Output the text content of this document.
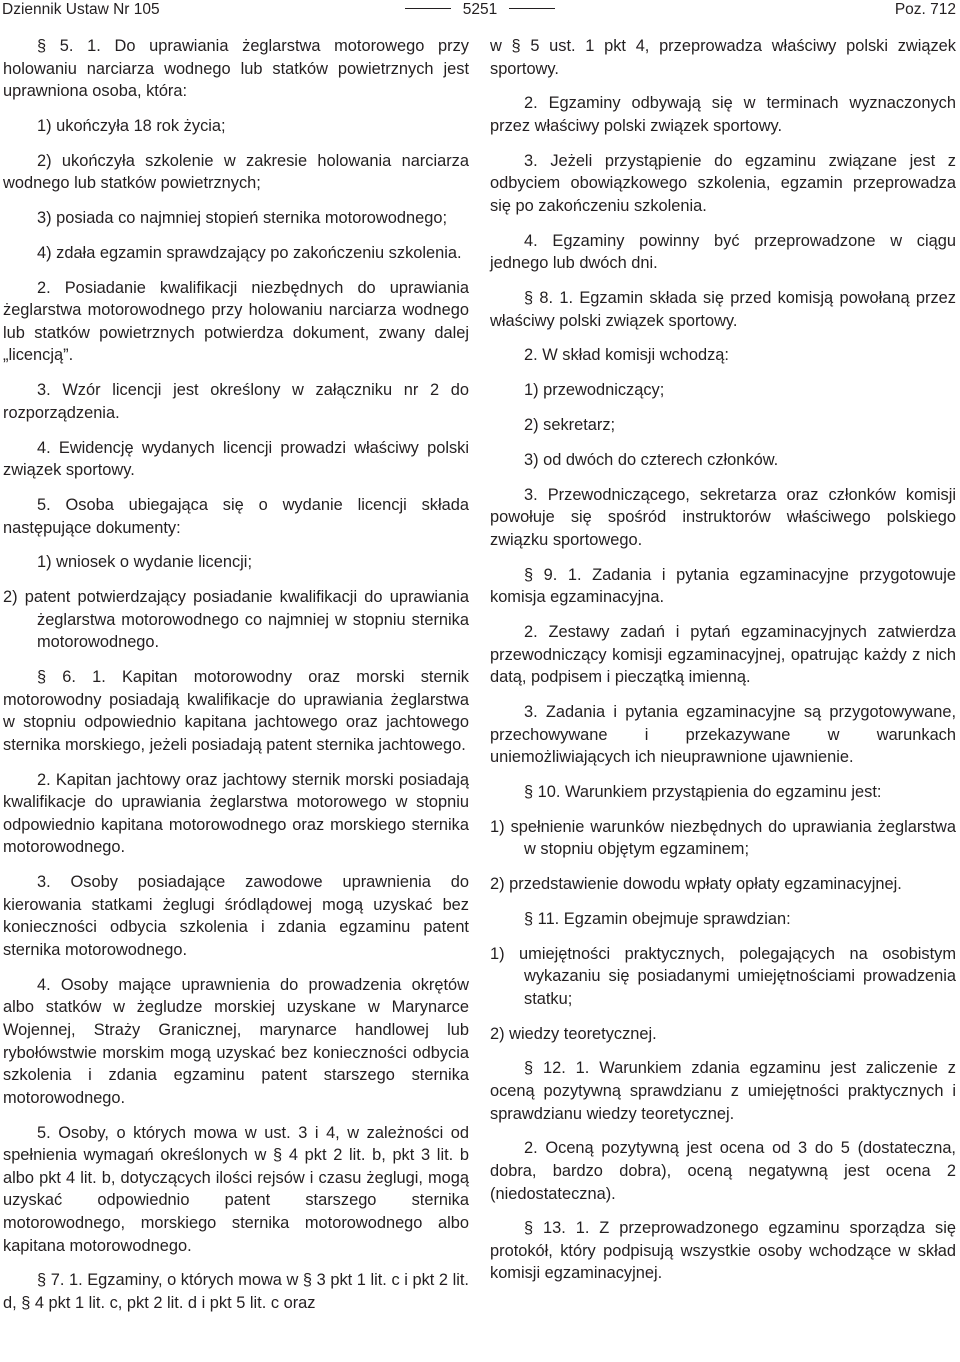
Dziennik Ustaw Nr 105	5251	Poz. 712

§ 5. 1. Do uprawiania żeglarstwa motorowego przy holowaniu narciarza wodnego lub statków powietrznych jest uprawniona osoba, która:

1) ukończyła 18 rok życia;

2) ukończyła szkolenie w zakresie holowania narciarza wodnego lub statków powietrznych;

3) posiada co najmniej stopień sternika motorowodnego;

4) zdała egzamin sprawdzający po zakończeniu szkolenia.

2. Posiadanie kwalifikacji niezbędnych do uprawiania żeglarstwa motorowodnego przy holowaniu narciarza wodnego lub statków powietrznych potwierdza dokument, zwany dalej „licencją”.

3. Wzór licencji jest określony w załączniku nr 2 do rozporządzenia.

4. Ewidencję wydanych licencji prowadzi właściwy polski związek sportowy.

5. Osoba ubiegająca się o wydanie licencji składa następujące dokumenty:

1) wniosek o wydanie licencji;

2) patent potwierdzający posiadanie kwalifikacji do uprawiania żeglarstwa motorowodnego co najmniej w stopniu sternika motorowodnego.

§ 6. 1. Kapitan motorowodny oraz morski sternik motorowodny posiadają kwalifikacje do uprawiania żeglarstwa w stopniu odpowiednio kapitana jachtowego oraz jachtowego sternika morskiego, jeżeli posiadają patent sternika jachtowego.

2. Kapitan jachtowy oraz jachtowy sternik morski posiadają kwalifikacje do uprawiania żeglarstwa motorowego w stopniu odpowiednio kapitana motorowodnego oraz morskiego sternika motorowodnego.

3. Osoby posiadające zawodowe uprawnienia do kierowania statkami żeglugi śródlądowej mogą uzyskać bez konieczności odbycia szkolenia i zdania egzaminu patent sternika motorowodnego.

4. Osoby mające uprawnienia do prowadzenia okrętów albo statków w żegludze morskiej uzyskane w Marynarce Wojennej, Straży Granicznej, marynarce handlowej lub rybołówstwie morskim mogą uzyskać bez konieczności odbycia szkolenia i zdania egzaminu patent starszego sternika motorowodnego.

5. Osoby, o których mowa w ust. 3 i 4, w zależności od spełnienia wymagań określonych w § 4 pkt 2 lit. b, pkt 3 lit. b albo pkt 4 lit. b, dotyczących ilości rejsów i czasu żeglugi, mogą uzyskać odpowiednio patent starszego sternika motorowodnego, morskiego sternika motorowodnego albo kapitana motorowodnego.

§ 7. 1. Egzaminy, o których mowa w § 3 pkt 1 lit. c i pkt 2 lit. d, § 4 pkt 1 lit. c, pkt 2 lit. d i pkt 5 lit. c oraz

w § 5 ust. 1 pkt 4, przeprowadza właściwy polski związek sportowy.

2. Egzaminy odbywają się w terminach wyznaczonych przez właściwy polski związek sportowy.

3. Jeżeli przystąpienie do egzaminu związane jest z odbyciem obowiązkowego szkolenia, egzamin przeprowadza się po zakończeniu szkolenia.

4. Egzaminy powinny być przeprowadzone w ciągu jednego lub dwóch dni.

§ 8. 1. Egzamin składa się przed komisją powołaną przez właściwy polski związek sportowy.

2. W skład komisji wchodzą:

1) przewodniczący;

2) sekretarz;

3) od dwóch do czterech członków.

3. Przewodniczącego, sekretarza oraz członków komisji powołuje się spośród instruktorów właściwego polskiego związku sportowego.

§ 9. 1. Zadania i pytania egzaminacyjne przygotowuje komisja egzaminacyjna.

2. Zestawy zadań i pytań egzaminacyjnych zatwierdza przewodniczący komisji egzaminacyjnej, opatrując każdy z nich datą, podpisem i pieczątką imienną.

3. Zadania i pytania egzaminacyjne są przygotowywane, przechowywane i przekazywane w warunkach uniemożliwiających ich nieuprawnione ujawnienie.

§ 10. Warunkiem przystąpienia do egzaminu jest:

1) spełnienie warunków niezbędnych do uprawiania żeglarstwa w stopniu objętym egzaminem;

2) przedstawienie dowodu wpłaty opłaty egzaminacyjnej.

§ 11. Egzamin obejmuje sprawdzian:

1) umiejętności praktycznych, polegających na osobistym wykazaniu się posiadanymi umiejętnościami prowadzenia statku;

2) wiedzy teoretycznej.

§ 12. 1. Warunkiem zdania egzaminu jest zaliczenie z oceną pozytywną sprawdzianu z umiejętności praktycznych i sprawdzianu wiedzy teoretycznej.

2. Oceną pozytywną jest ocena od 3 do 5 (dostateczna, dobra, bardzo dobra), oceną negatywną jest ocena 2 (niedostateczna).

§ 13. 1. Z przeprowadzonego egzaminu sporządza się protokół, który podpisują wszystkie osoby wchodzące w skład komisji egzaminacyjnej.
